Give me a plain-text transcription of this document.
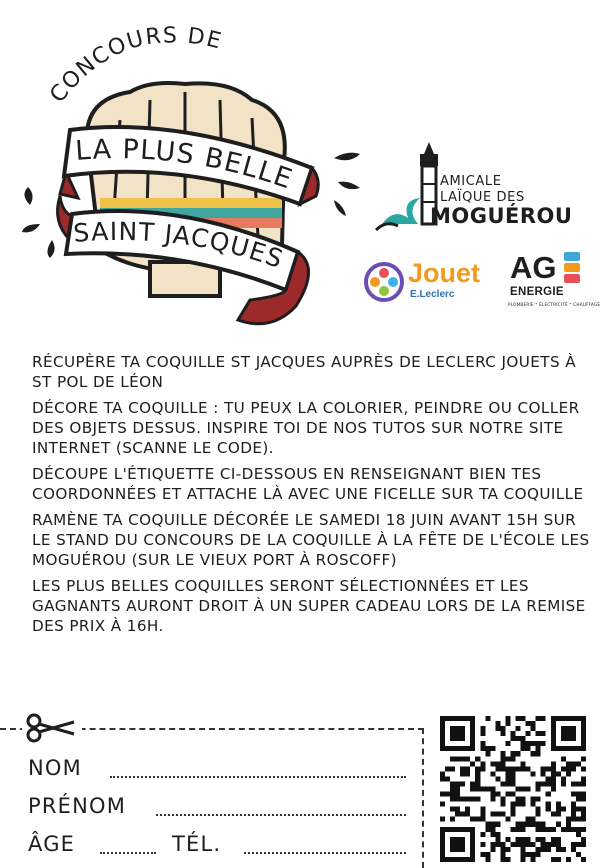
CONCOURS DE
LA PLUS BELLE
SAINT JACQUES
AMICALE
LAÏQUE DES
MOGUÉROU
Jouet
E.Leclerc
AG
ENERGIE
PLOMBERIE * ÉLECTRICITÉ * CHAUFFAGE

RÉCUPÈRE TA COQUILLE ST JACQUES AUPRÈS DE LECLERC JOUETS À ST POL DE LÉON

DÉCORE TA COQUILLE : TU PEUX LA COLORIER, PEINDRE OU COLLER DES OBJETS DESSUS. INSPIRE TOI DE NOS TUTOS SUR NOTRE SITE INTERNET (SCANNE LE CODE).

DÉCOUPE L'ÉTIQUETTE CI-DESSOUS EN RENSEIGNANT BIEN TES COORDONNÉES ET ATTACHE LÀ AVEC UNE FICELLE SUR TA COQUILLE

RAMÈNE TA COQUILLE DÉCORÉE LE SAMEDI 18 JUIN AVANT 15H SUR LE STAND DU CONCOURS DE LA COQUILLE À LA FÊTE DE L'ÉCOLE LES MOGUÉROU (SUR LE VIEUX PORT À ROSCOFF)

LES PLUS BELLES COQUILLES SERONT SÉLECTIONNÉES ET LES GAGNANTS AURONT DROIT À UN SUPER CADEAU LORS DE LA REMISE DES PRIX À 16H.

NOM
PRÉNOM
ÂGE	TÉL.
